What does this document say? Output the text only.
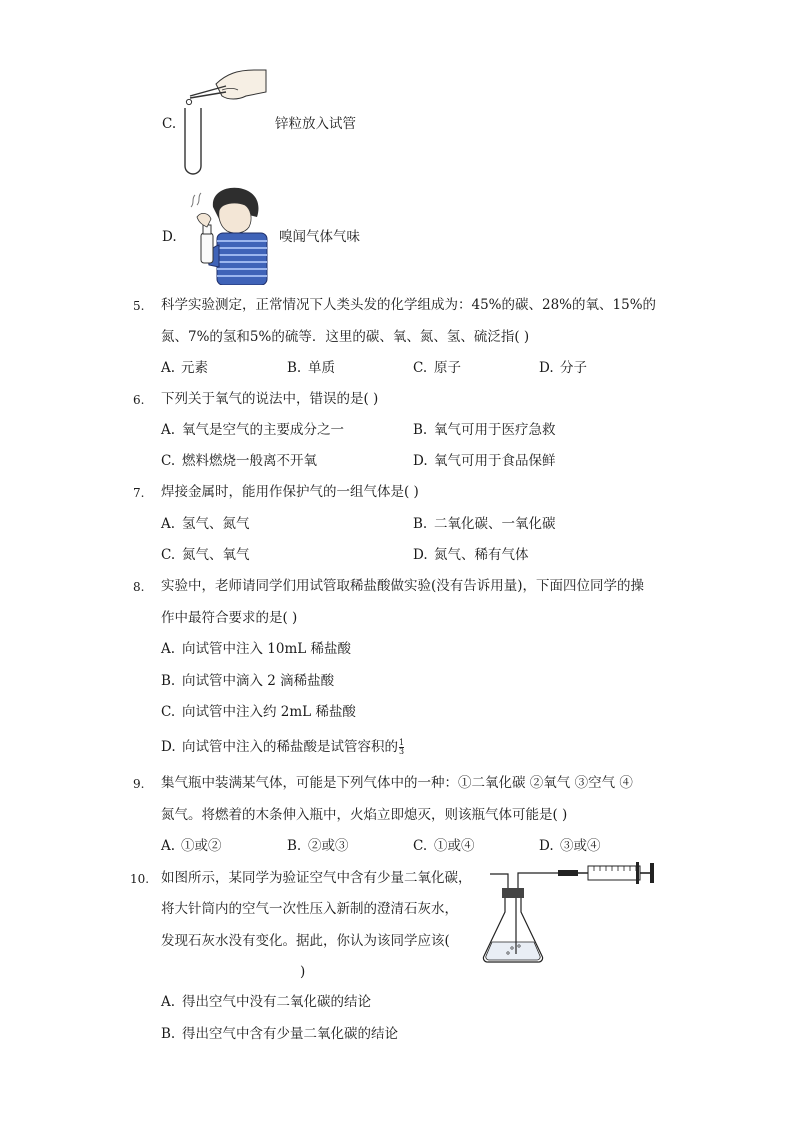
C.	锌粒放入试管
D.	嗅闻气体气味
5. 科学实验测定，正常情况下人类头发的化学组成为：45%的碳、28%的氧、15%的
氮、7%的氢和5%的硫等．这里的碳、氧、氮、氢、硫泛指( )
A. 元素	B. 单质	C. 原子	D. 分子
6. 下列关于氧气的说法中，错误的是( )
A. 氧气是空气的主要成分之一	B. 氧气可用于医疗急救
C. 燃料燃烧一般离不开氧	D. 氧气可用于食品保鲜
7. 焊接金属时，能用作保护气的一组气体是( )
A. 氢气、氮气	B. 二氧化碳、一氧化碳
C. 氮气、氧气	D. 氮气、稀有气体
8. 实验中，老师请同学们用试管取稀盐酸做实验(没有告诉用量)，下面四位同学的操
作中最符合要求的是( )
A. 向试管中注入 10mL 稀盐酸
B. 向试管中滴入 2 滴稀盐酸
C. 向试管中注入约 2mL 稀盐酸
D. 向试管中注入的稀盐酸是试管容积的 $\frac{1}{3}$
9. 集气瓶中装满某气体，可能是下列气体中的一种：①二氧化碳 ②氧气 ③空气 ④
氮气。将燃着的木条伸入瓶中，火焰立即熄灭，则该瓶气体可能是( )
A. ①或②	B. ②或③	C. ①或④	D. ③或④
10. 如图所示，某同学为验证空气中含有少量二氧化碳，
将大针筒内的空气一次性压入新制的澄清石灰水，
发现石灰水没有变化。据此，你认为该同学应该(
)
A. 得出空气中没有二氧化碳的结论
B. 得出空气中含有少量二氧化碳的结论
